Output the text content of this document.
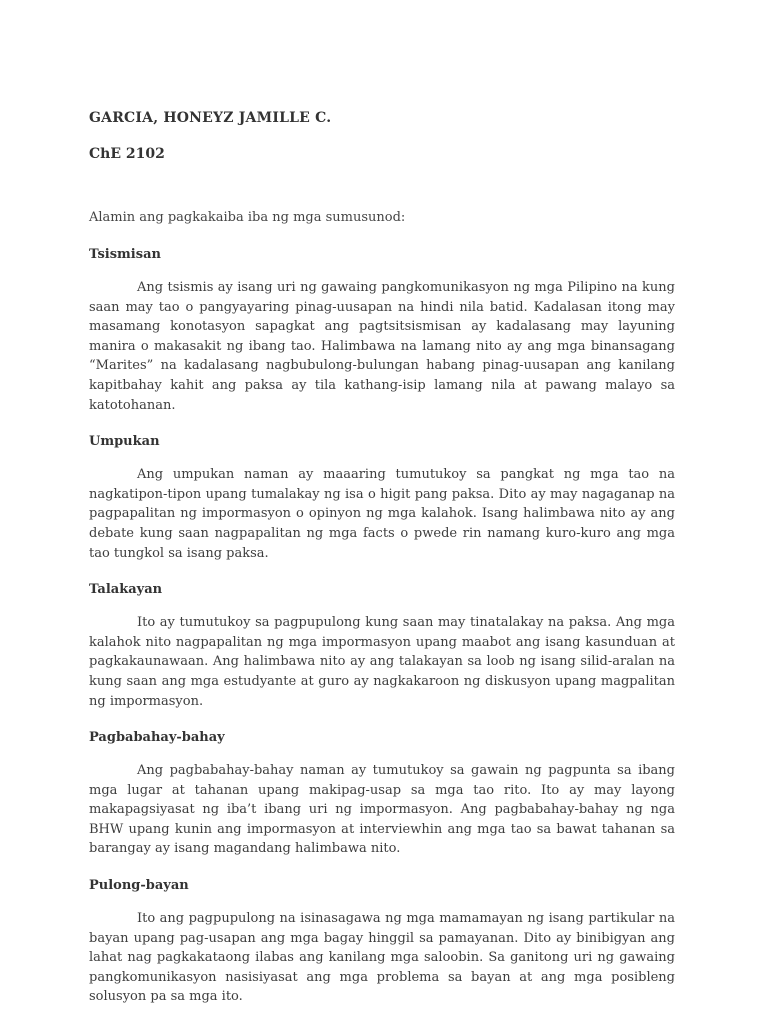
GARCIA, HONEYZ JAMILLE C.

ChE 2102

Alamin ang pagkakaiba iba ng mga sumusunod:

Tsismisan

Ang tsismis ay isang uri ng gawaing pangkomunikasyon ng mga Pilipino na kung saan may tao o pangyayaring pinag-uusapan na hindi nila batid. Kadalasan itong may masamang konotasyon sapagkat ang pagtsitsismisan ay kadalasang may layuning manira o makasakit ng ibang tao. Halimbawa na lamang nito ay ang mga binansagang “Marites” na kadalasang nagbubulong-bulungan habang pinag-uusapan ang kanilang kapitbahay kahit ang paksa ay tila kathang-isip lamang nila at pawang malayo sa katotohanan.

Umpukan

Ang umpukan naman ay maaaring tumutukoy sa pangkat ng mga tao na nagkatipon-tipon upang tumalakay ng isa o higit pang paksa. Dito ay may nagaganap na pagpapalitan ng impormasyon o opinyon ng mga kalahok. Isang halimbawa nito ay ang debate kung saan nagpapalitan ng mga facts o pwede rin namang kuro-kuro ang mga tao tungkol sa isang paksa.

Talakayan

Ito ay tumutukoy sa pagpupulong kung saan may tinatalakay na paksa. Ang mga kalahok nito nagpapalitan ng mga impormasyon upang maabot ang isang kasunduan at pagkakaunawaan. Ang halimbawa nito ay ang talakayan sa loob ng isang silid-aralan na kung saan ang mga estudyante at guro ay nagkakaroon ng diskusyon upang magpalitan ng impormasyon.

Pagbabahay-bahay

Ang pagbabahay-bahay naman ay tumutukoy sa gawain ng pagpunta sa ibang mga lugar at tahanan upang makipag-usap sa mga tao rito. Ito ay may layong makapagsiyasat ng iba’t ibang uri ng impormasyon. Ang pagbabahay-bahay ng nga BHW upang kunin ang impormasyon at interviewhin ang mga tao sa bawat tahanan sa barangay ay isang magandang halimbawa nito.

Pulong-bayan

Ito ang pagpupulong na isinasagawa ng mga mamamayan ng isang partikular na bayan upang pag-usapan ang mga bagay hinggil sa pamayanan. Dito ay binibigyan ang lahat nag pagkakataong ilabas ang kanilang mga saloobin. Sa ganitong uri ng gawaing pangkomunikasyon nasisiyasat ang mga problema sa bayan at ang mga posibleng solusyon pa sa mga ito.
